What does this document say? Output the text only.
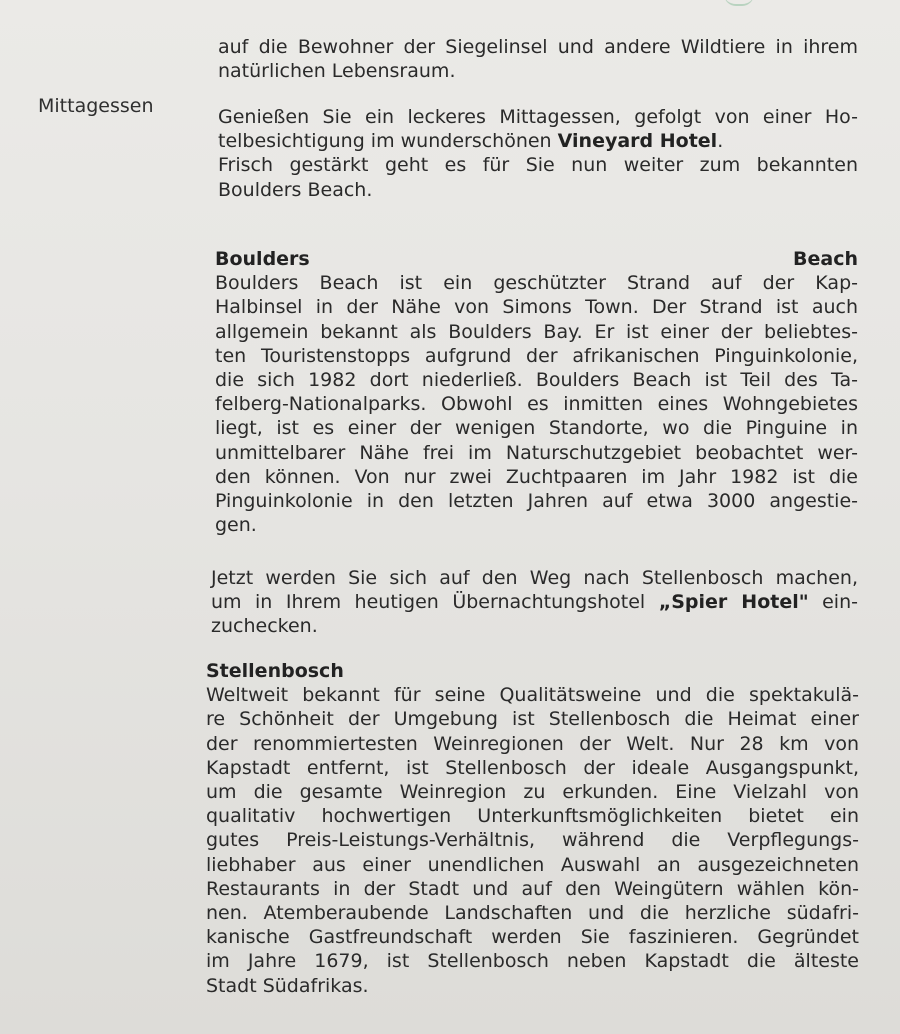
Mittagessen

auf die Bewohner der Siegelinsel und andere Wildtiere in ihrem

natürlichen Lebensraum.

Genießen Sie ein leckeres Mittagessen, gefolgt von einer Ho-

telbesichtigung im wunderschönen Vineyard Hotel.

Frisch gestärkt geht es für Sie nun weiter zum bekannten

Boulders Beach.

Boulders Beach

Boulders Beach ist ein geschützter Strand auf der Kap-

Halbinsel in der Nähe von Simons Town. Der Strand ist auch

allgemein bekannt als Boulders Bay. Er ist einer der beliebtes-

ten Touristenstopps aufgrund der afrikanischen Pinguinkolonie,

die sich 1982 dort niederließ. Boulders Beach ist Teil des Ta-

felberg-Nationalparks. Obwohl es inmitten eines Wohngebietes

liegt, ist es einer der wenigen Standorte, wo die Pinguine in

unmittelbarer Nähe frei im Naturschutzgebiet beobachtet wer-

den können. Von nur zwei Zuchtpaaren im Jahr 1982 ist die

Pinguinkolonie in den letzten Jahren auf etwa 3000 angestie-

gen.

Jetzt werden Sie sich auf den Weg nach Stellenbosch machen,

um in Ihrem heutigen Übernachtungshotel „Spier Hotel" ein-

zuchecken.

Stellenbosch

Weltweit bekannt für seine Qualitätsweine und die spektakulä-

re Schönheit der Umgebung ist Stellenbosch die Heimat einer

der renommiertesten Weinregionen der Welt. Nur 28 km von

Kapstadt entfernt, ist Stellenbosch der ideale Ausgangspunkt,

um die gesamte Weinregion zu erkunden. Eine Vielzahl von

qualitativ hochwertigen Unterkunftsmöglichkeiten bietet ein

gutes Preis-Leistungs-Verhältnis, während die Verpflegungs-

liebhaber aus einer unendlichen Auswahl an ausgezeichneten

Restaurants in der Stadt und auf den Weingütern wählen kön-

nen. Atemberaubende Landschaften und die herzliche südafri-

kanische Gastfreundschaft werden Sie faszinieren. Gegründet

im Jahre 1679, ist Stellenbosch neben Kapstadt die älteste

Stadt Südafrikas.
